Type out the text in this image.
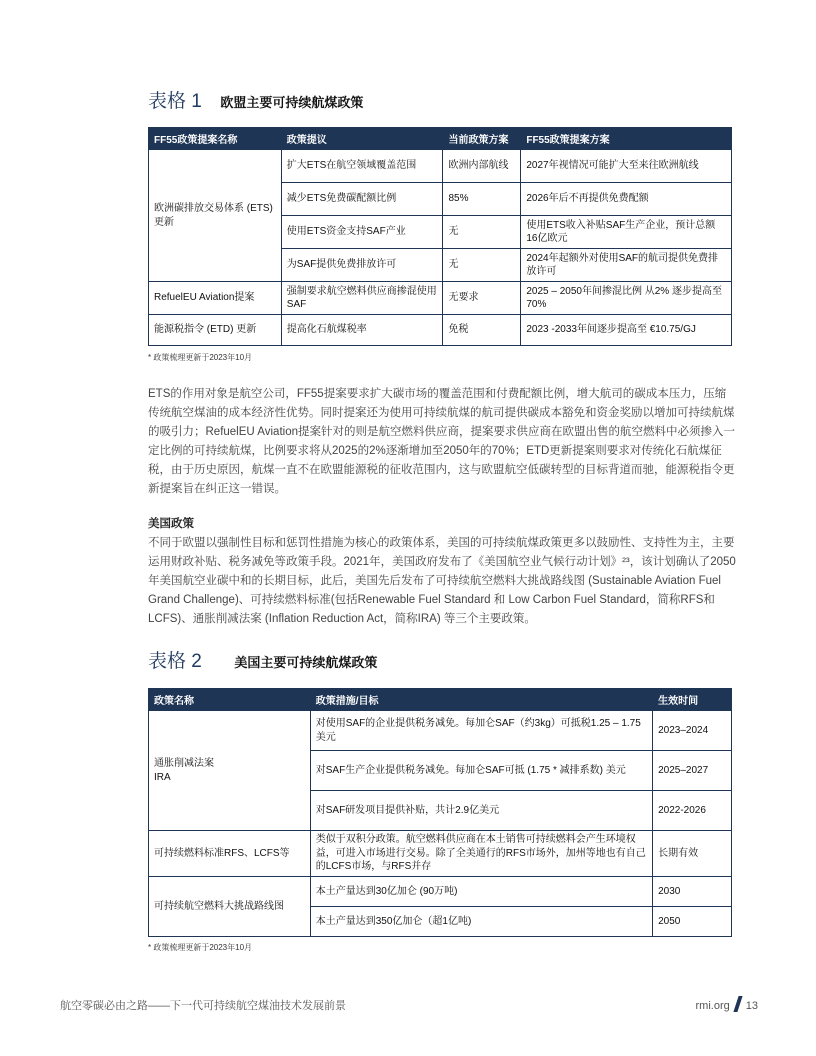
表格 1 欧盟主要可持续航煤政策
FF55政策提案名称	政策提议	当前政策方案	FF55政策提案方案
欧洲碳排放交易体系 (ETS) 更新	扩大ETS在航空领域覆盖范围	欧洲内部航线	2027年视情况可能扩大至来往欧洲航线
	减少ETS免费碳配额比例	85%	2026年后不再提供免费配额
	使用ETS资金支持SAF产业	无	使用ETS收入补贴SAF生产企业，预计总额16亿欧元
	为SAF提供免费排放许可	无	2024年起额外对使用SAF的航司提供免费排放许可
RefuelEU Aviation提案	强制要求航空燃料供应商掺混使用SAF	无要求	2025 – 2050年间掺混比例 从2% 逐步提高至 70%
能源税指令 (ETD) 更新	提高化石航煤税率	免税	2023 -2033年间逐步提高至 €10.75/GJ
* 政策梳理更新于2023年10月

ETS的作用对象是航空公司，FF55提案要求扩大碳市场的覆盖范围和付费配额比例，增大航司的碳成本压力，压缩传统航空煤油的成本经济性优势。同时提案还为使用可持续航煤的航司提供碳成本豁免和资金奖励以增加可持续航煤的吸引力；RefuelEU Aviation提案针对的则是航空燃料供应商，提案要求供应商在欧盟出售的航空燃料中必须掺入一定比例的可持续航煤，比例要求将从2025的2%逐渐增加至2050年的70%；ETD更新提案则要求对传统化石航煤征税，由于历史原因，航煤一直不在欧盟能源税的征收范围内，这与欧盟航空低碳转型的目标背道而驰，能源税指令更新提案旨在纠正这一错误。

美国政策

不同于欧盟以强制性目标和惩罚性措施为核心的政策体系，美国的可持续航煤政策更多以鼓励性、支持性为主，主要运用财政补贴、税务减免等政策手段。2021年，美国政府发布了《美国航空业气候行动计划》²³，该计划确认了2050年美国航空业碳中和的长期目标，此后，美国先后发布了可持续航空燃料大挑战路线图 (Sustainable Aviation Fuel Grand Challenge)、可持续燃料标准(包括Renewable Fuel Standard 和 Low Carbon Fuel Standard，简称RFS和LCFS)、通胀削减法案 (Inflation Reduction Act，简称IRA) 等三个主要政策。

表格 2 美国主要可持续航煤政策
政策名称	政策措施/目标	生效时间

通胀削减法案
IRA	对使用SAF的企业提供税务减免。每加仑SAF（约3kg）可抵税1.25 – 1.75美元	2023–2024
	对SAF生产企业提供税务减免。每加仑SAF可抵 (1.75 * 减排系数) 美元	2025–2027
	对SAF研发项目提供补贴，共计2.9亿美元	2022-2026
可持续燃料标准RFS、LCFS等	类似于双积分政策。航空燃料供应商在本土销售可持续燃料会产生环境权益，可进入市场进行交易。除了全美通行的RFS市场外，加州等地也有自己的LCFS市场，与RFS并存	长期有效
可持续航空燃料大挑战路线图	本土产量达到30亿加仑 (90万吨)	2030
	本土产量达到350亿加仑（超1亿吨)	2050
* 政策梳理更新于2023年10月
航空零碳必由之路——下一代可持续航空煤油技术发展前景	rmi.org 13
